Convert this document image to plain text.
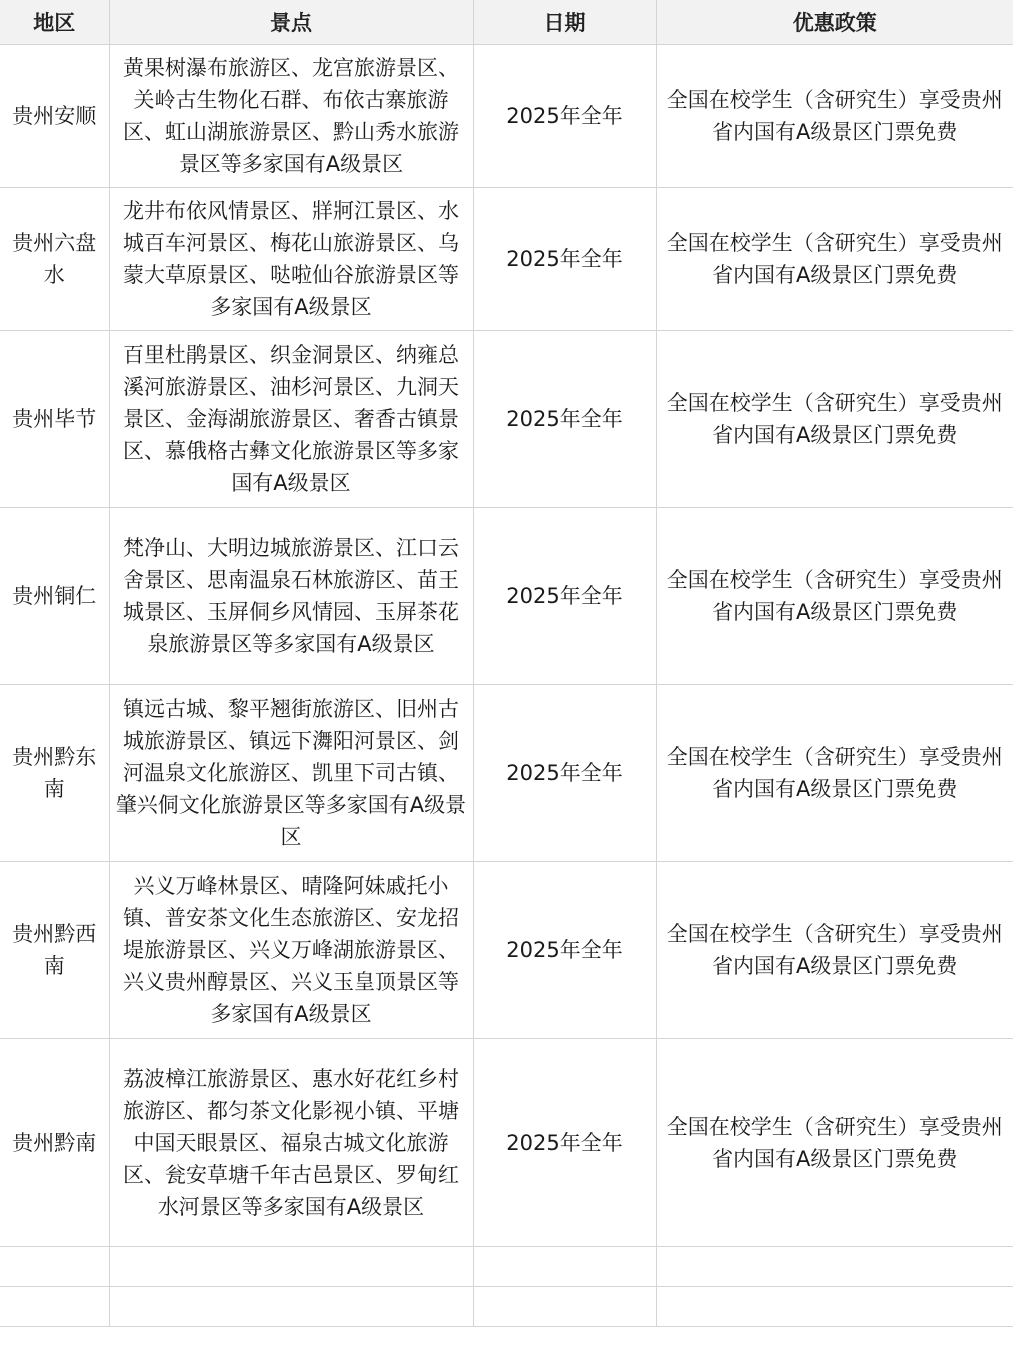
地区	景点	日期	优惠政策
贵州安顺	黄果树瀑布旅游区、龙宫旅游景区、关岭古生物化石群、布依古寨旅游区、虹山湖旅游景区、黔山秀水旅游景区等多家国有A级景区	2025年全年	全国在校学生（含研究生）享受贵州省内国有A级景区门票免费
贵州六盘水	龙井布依风情景区、牂牁江景区、水城百车河景区、梅花山旅游景区、乌蒙大草原景区、哒啦仙谷旅游景区等多家国有A级景区	2025年全年	全国在校学生（含研究生）享受贵州省内国有A级景区门票免费
贵州毕节	百里杜鹃景区、织金洞景区、纳雍总溪河旅游景区、油杉河景区、九洞天景区、金海湖旅游景区、奢香古镇景区、慕俄格古彝文化旅游景区等多家国有A级景区	2025年全年	全国在校学生（含研究生）享受贵州省内国有A级景区门票免费
贵州铜仁	梵净山、大明边城旅游景区、江口云舍景区、思南温泉石林旅游区、苗王城景区、玉屏侗乡风情园、玉屏茶花泉旅游景区等多家国有A级景区	2025年全年	全国在校学生（含研究生）享受贵州省内国有A级景区门票免费
贵州黔东南	镇远古城、黎平翘街旅游区、旧州古城旅游景区、镇远下㵲阳河景区、剑河温泉文化旅游区、凯里下司古镇、肇兴侗文化旅游景区等多家国有A级景区	2025年全年	全国在校学生（含研究生）享受贵州省内国有A级景区门票免费
贵州黔西南	兴义万峰林景区、晴隆阿妹戚托小镇、普安茶文化生态旅游区、安龙招堤旅游景区、兴义万峰湖旅游景区、兴义贵州醇景区、兴义玉皇顶景区等多家国有A级景区	2025年全年	全国在校学生（含研究生）享受贵州省内国有A级景区门票免费
贵州黔南	荔波樟江旅游景区、惠水好花红乡村旅游区、都匀茶文化影视小镇、平塘中国天眼景区、福泉古城文化旅游区、瓮安草塘千年古邑景区、罗甸红水河景区等多家国有A级景区	2025年全年	全国在校学生（含研究生）享受贵州省内国有A级景区门票免费
